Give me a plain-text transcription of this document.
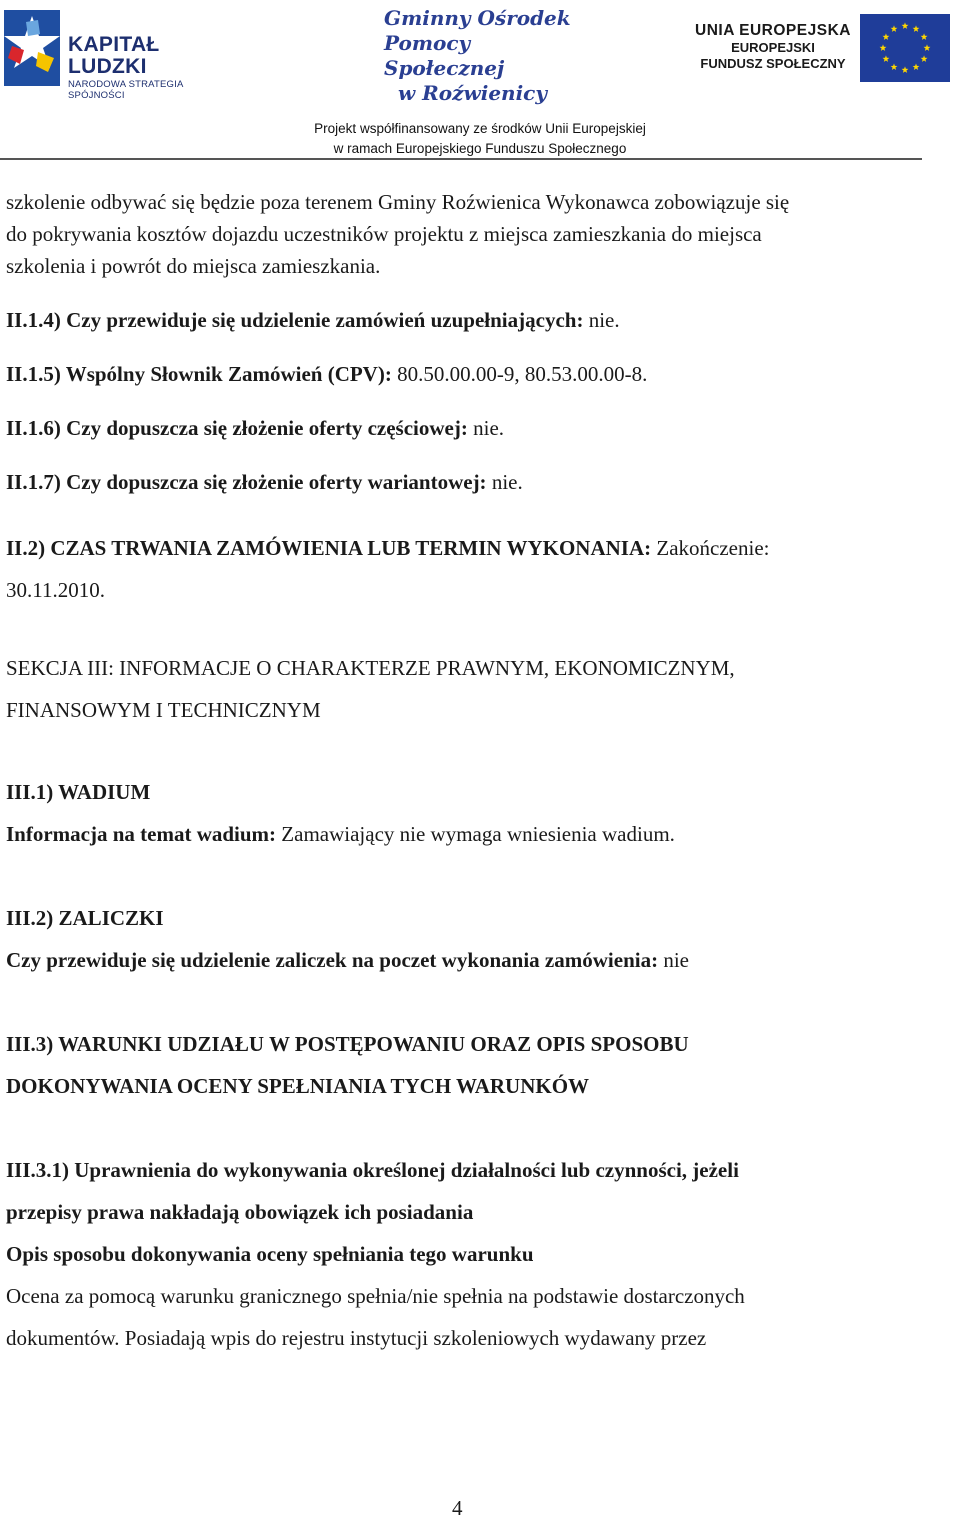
KAPITAŁ LUDZKI
NARODOWA STRATEGIA SPÓJNOŚCI
Gminny Ośrodek
Pomocy Społecznej
w Roźwienicy
UNIA EUROPEJSKA
EUROPEJSKI
FUNDUSZ SPOŁECZNY
Projekt współfinansowany ze środków Unii Europejskiej
w ramach Europejskiego Funduszu Społecznego

szkolenie odbywać się będzie poza terenem Gminy Roźwienica Wykonawca zobowiązuje się

do pokrywania kosztów dojazdu uczestników projektu z miejsca zamieszkania do miejsca

szkolenia i powrót do miejsca zamieszkania.

II.1.4) Czy przewiduje się udzielenie zamówień uzupełniających: nie.

II.1.5) Wspólny Słownik Zamówień (CPV): 80.50.00.00-9, 80.53.00.00-8.

II.1.6) Czy dopuszcza się złożenie oferty częściowej: nie.

II.1.7) Czy dopuszcza się złożenie oferty wariantowej: nie.

II.2) CZAS TRWANIA ZAMÓWIENIA LUB TERMIN WYKONANIA: Zakończenie:

30.11.2010.

SEKCJA III: INFORMACJE O CHARAKTERZE PRAWNYM, EKONOMICZNYM,

FINANSOWYM I TECHNICZNYM

III.1) WADIUM

Informacja na temat wadium: Zamawiający nie wymaga wniesienia wadium.

III.2) ZALICZKI

Czy przewiduje się udzielenie zaliczek na poczet wykonania zamówienia: nie

III.3) WARUNKI UDZIAŁU W POSTĘPOWANIU ORAZ OPIS SPOSOBU

DOKONYWANIA OCENY SPEŁNIANIA TYCH WARUNKÓW

III.3.1) Uprawnienia do wykonywania określonej działalności lub czynności, jeżeli

przepisy prawa nakładają obowiązek ich posiadania

Opis sposobu dokonywania oceny spełniania tego warunku

Ocena za pomocą warunku granicznego spełnia/nie spełnia na podstawie dostarczonych

dokumentów. Posiadają wpis do rejestru instytucji szkoleniowych wydawany przez

4
